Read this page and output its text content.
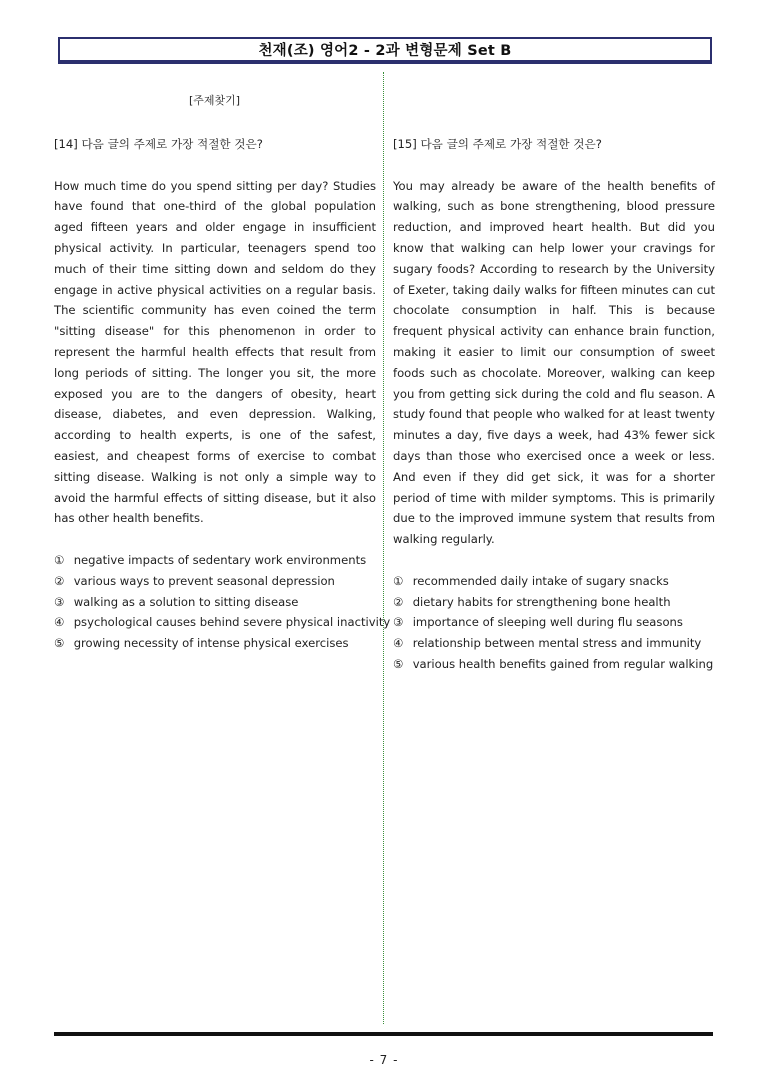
천재(조) 영어2 - 2과 변형문제 Set B
[주제찾기]

[14] 다음 글의 주제로 가장 적절한 것은?

How much time do you spend sitting per day? Studies have found that one-third of the global population aged fifteen years and older engage in insufficient physical activity. In particular, teenagers spend too much of their time sitting down and seldom do they engage in active physical activities on a regular basis. The scientific community has even coined the term "sitting disease" for this phenomenon in order to represent the harmful health effects that result from long periods of sitting. The longer you sit, the more exposed you are to the dangers of obesity, heart disease, diabetes, and even depression. Walking, according to health experts, is one of the safest, easiest, and cheapest forms of exercise to combat sitting disease. Walking is not only a simple way to avoid the harmful effects of sitting disease, but it also has other health benefits.

① negative impacts of sedentary work environments
② various ways to prevent seasonal depression
③ walking as a solution to sitting disease
④ psychological causes behind severe physical inactivity
⑤ growing necessity of intense physical exercises

[15] 다음 글의 주제로 가장 적절한 것은?

You may already be aware of the health benefits of walking, such as bone strengthening, blood pressure reduction, and improved heart health. But did you know that walking can help lower your cravings for sugary foods? According to research by the University of Exeter, taking daily walks for fifteen minutes can cut chocolate consumption in half. This is because frequent physical activity can enhance brain function, making it easier to limit our consumption of sweet foods such as chocolate. Moreover, walking can keep you from getting sick during the cold and flu season. A study found that people who walked for at least twenty minutes a day, five days a week, had 43% fewer sick days than those who exercised once a week or less. And even if they did get sick, it was for a shorter period of time with milder symptoms. This is primarily due to the improved immune system that results from walking regularly.

① recommended daily intake of sugary snacks
② dietary habits for strengthening bone health
③ importance of sleeping well during flu seasons
④ relationship between mental stress and immunity
⑤ various health benefits gained from regular walking
- 7 -
